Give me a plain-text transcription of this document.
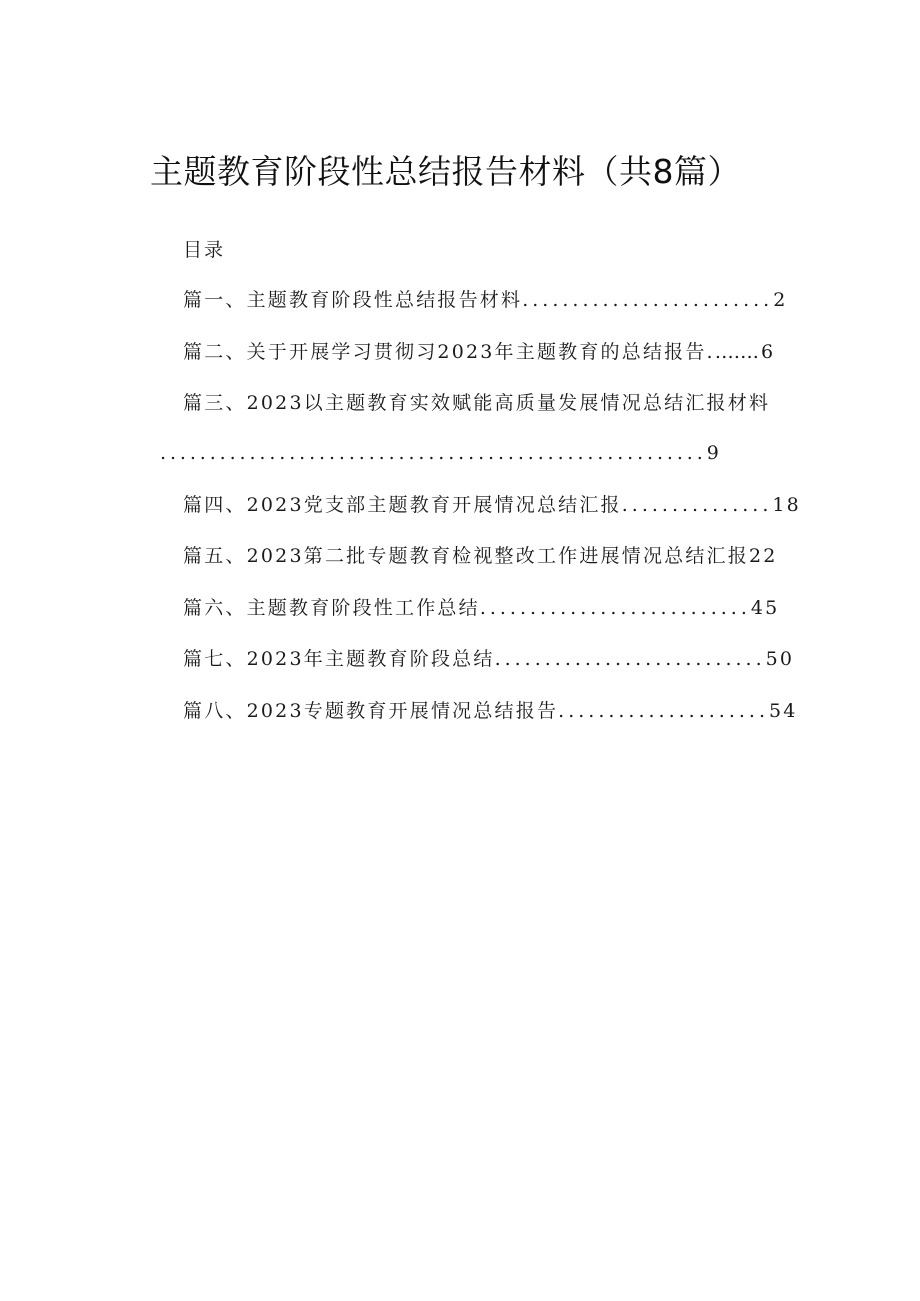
主题教育阶段性总结报告材料（共8篇）
目录
篇一、主题教育阶段性总结报告材料.........................2
篇二、关于开展学习贯彻习2023年主题教育的总结报告.…….6
篇三、2023以主题教育实效赋能高质量发展情况总结汇报材料
.......................................................9
篇四、2023党支部主题教育开展情况总结汇报...............18
篇五、2023第二批专题教育检视整改工作进展情况总结汇报22
篇六、主题教育阶段性工作总结...........................45
篇七、2023年主题教育阶段总结...........................50
篇八、2023专题教育开展情况总结报告.....................54
